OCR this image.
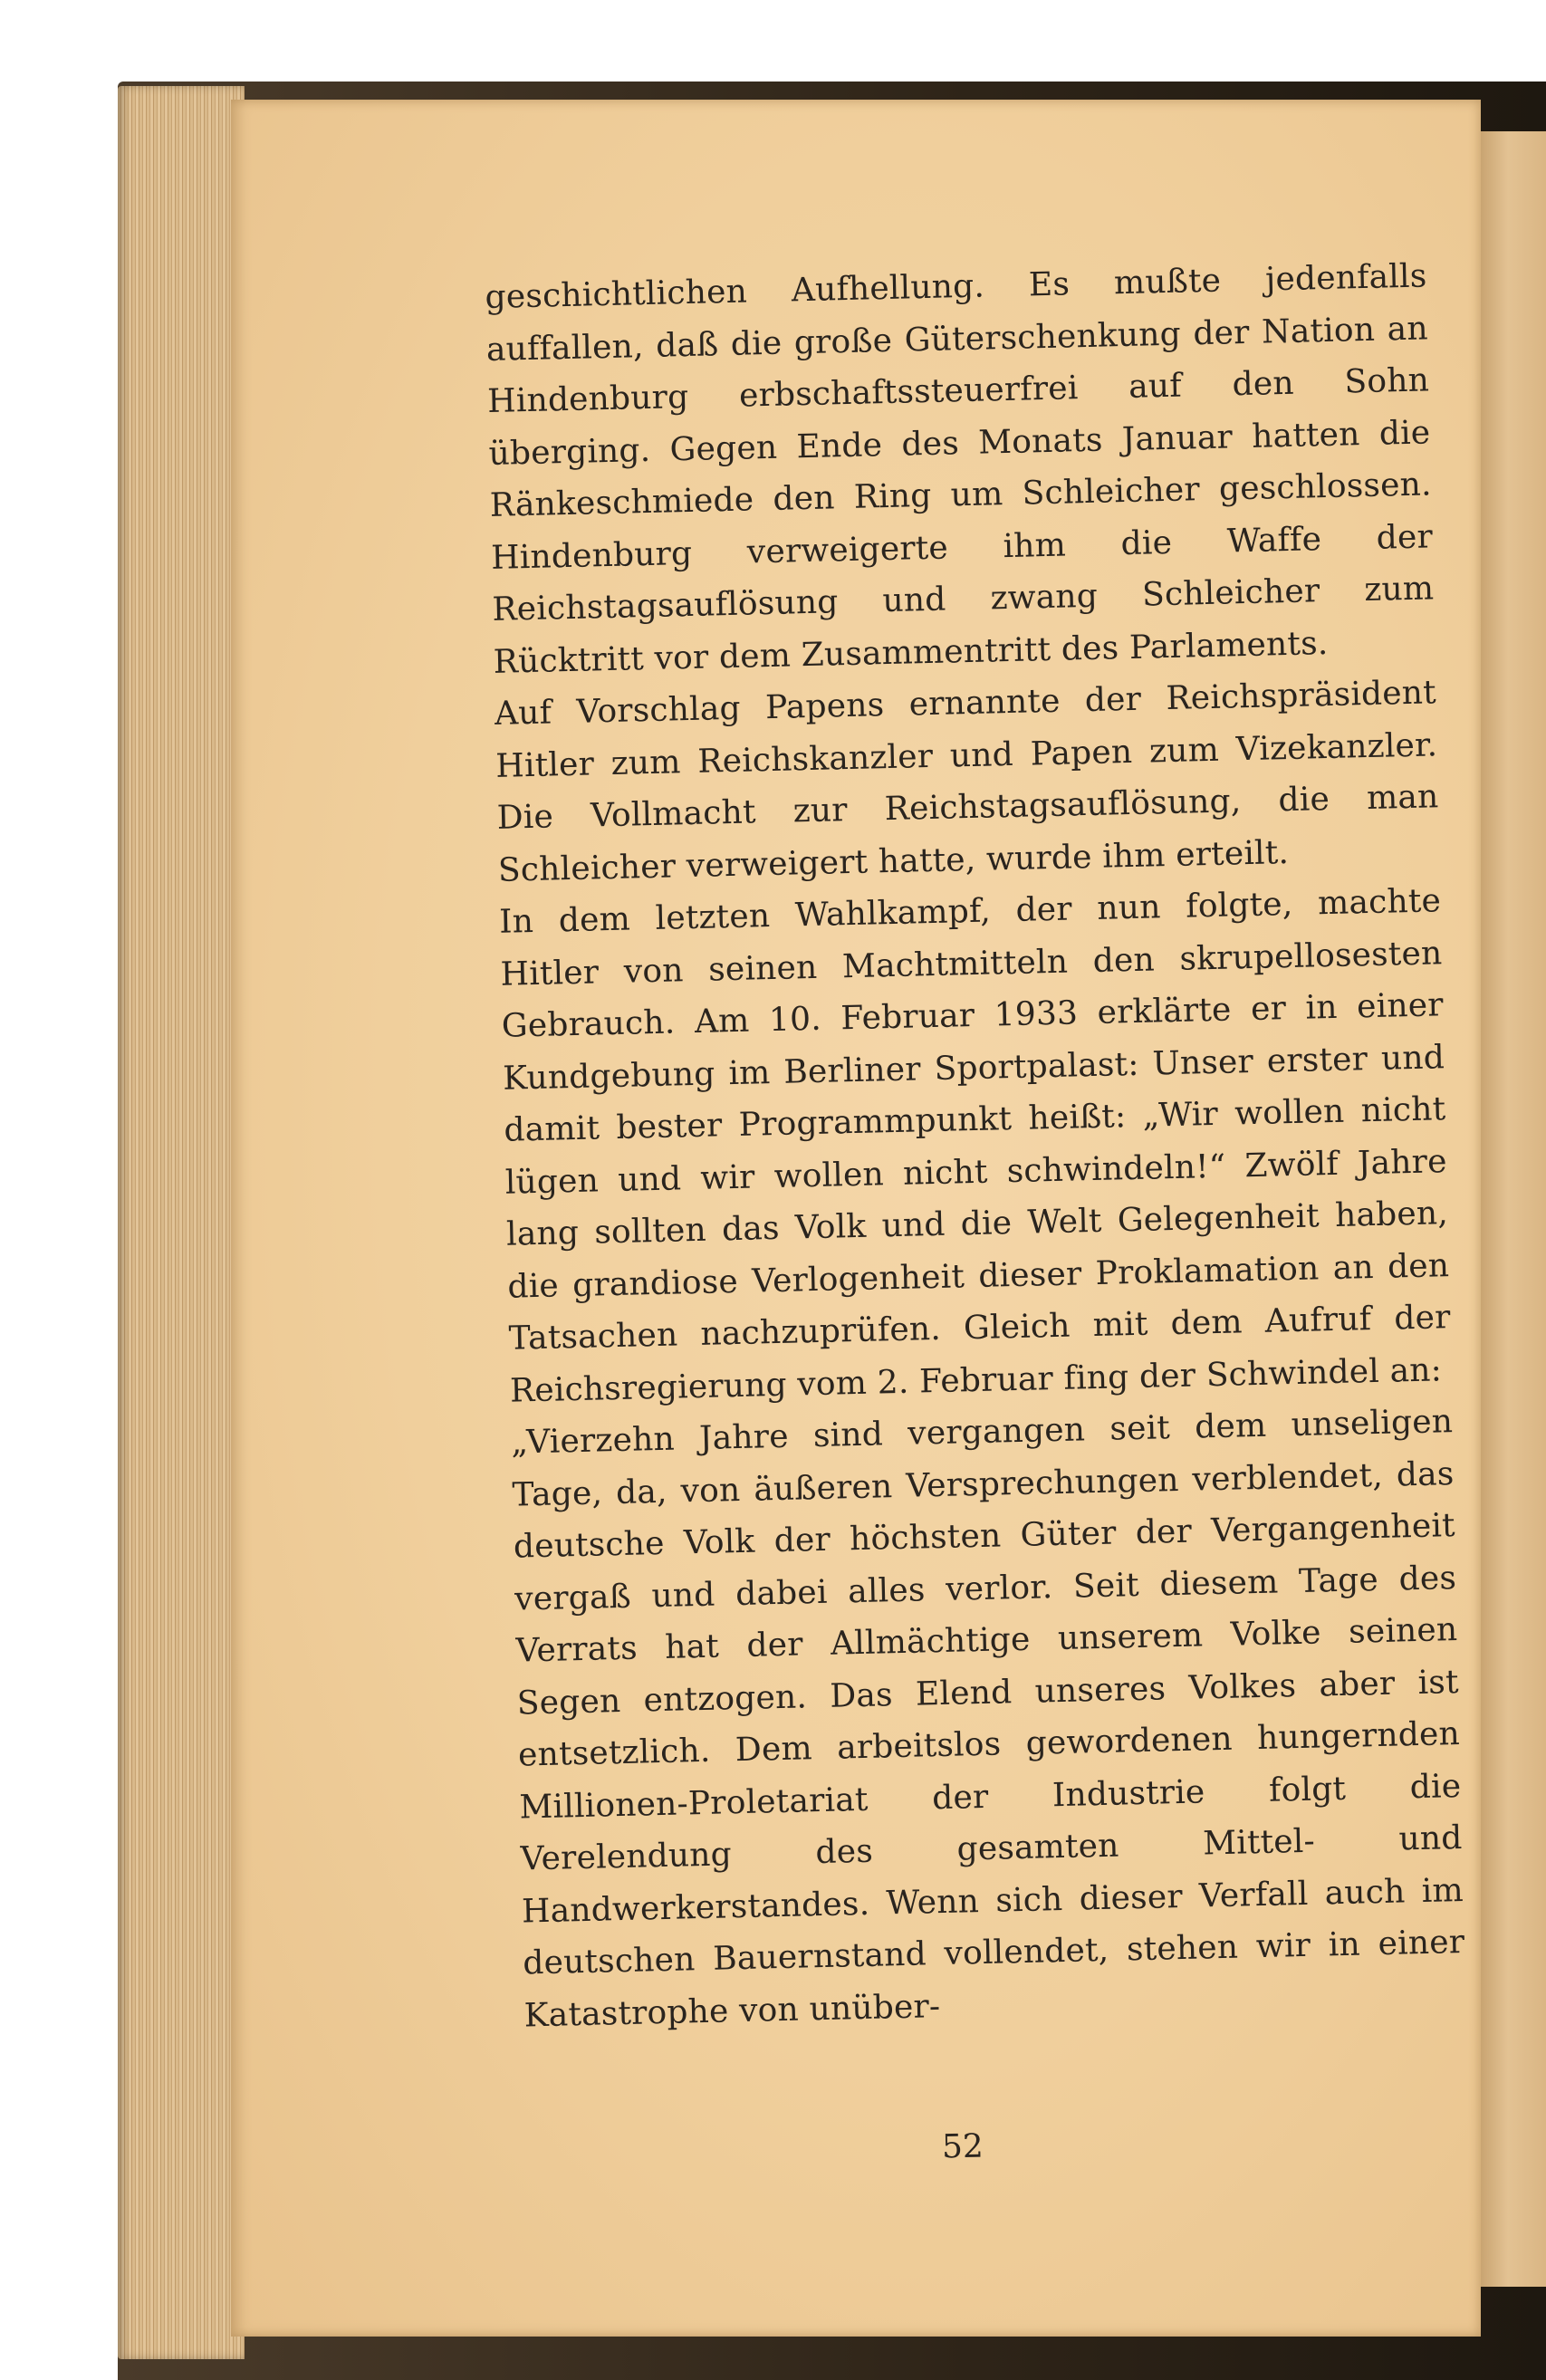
geschichtlichen Aufhellung. Es mußte jedenfalls auffallen, daß die große Güterschenkung der Nation an Hindenburg erbschaftssteuerfrei auf den Sohn überging. Gegen Ende des Monats Januar hatten die Ränkeschmiede den Ring um Schleicher geschlossen. Hindenburg verweigerte ihm die Waffe der Reichstagsauflösung und zwang Schleicher zum Rücktritt vor dem Zusammentritt des Parlaments.

Auf Vorschlag Papens ernannte der Reichspräsident Hitler zum Reichskanzler und Papen zum Vizekanzler. Die Vollmacht zur Reichstagsauflösung, die man Schleicher verweigert hatte, wurde ihm erteilt.

In dem letzten Wahlkampf, der nun folgte, machte Hitler von seinen Machtmitteln den skrupellosesten Gebrauch. Am 10. Februar 1933 erklärte er in einer Kundgebung im Berliner Sportpalast: Unser erster und damit bester Programmpunkt heißt: „Wir wollen nicht lügen und wir wollen nicht schwindeln!“ Zwölf Jahre lang sollten das Volk und die Welt Gelegenheit haben, die grandiose Verlogenheit dieser Proklamation an den Tatsachen nachzuprüfen. Gleich mit dem Aufruf der Reichsregierung vom 2. Februar fing der Schwindel an:

„Vierzehn Jahre sind vergangen seit dem unseligen Tage, da, von äußeren Versprechungen verblendet, das deutsche Volk der höchsten Güter der Vergangenheit vergaß und dabei alles verlor. Seit diesem Tage des Verrats hat der Allmächtige unserem Volke seinen Segen entzogen. Das Elend unseres Volkes aber ist entsetzlich. Dem arbeitslos gewordenen hungernden Millionen-Proletariat der Industrie folgt die Verelendung des gesamten Mittel- und Handwerkerstandes. Wenn sich dieser Verfall auch im deutschen Bauernstand vollendet, stehen wir in einer Katastrophe von unüber-

52
